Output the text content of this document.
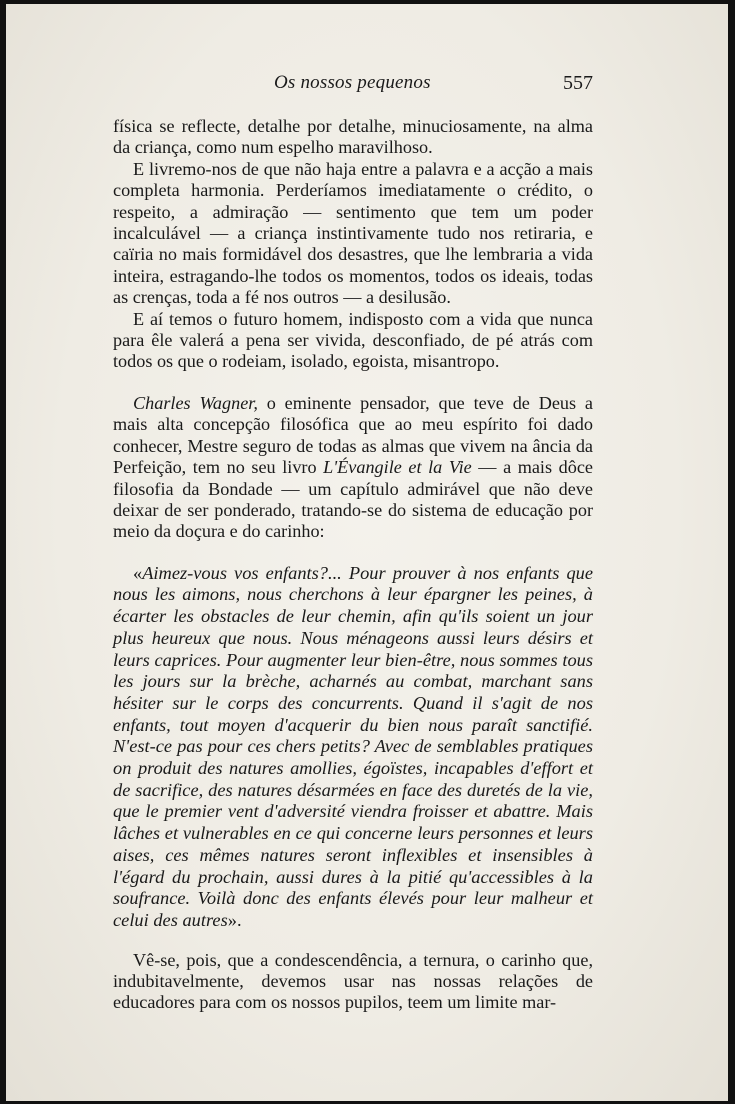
Os nossos pequenos	557

física se reflecte, detalhe por detalhe, minuciosamente, na alma da criança, como num espelho maravilhoso.

E livremo-nos de que não haja entre a palavra e a acção a mais completa harmonia. Perderíamos imediatamente o crédito, o respeito, a admiração — sentimento que tem um poder incalculável — a criança instintivamente tudo nos retiraria, e caïria no mais formidável dos desastres, que lhe lembraria a vida inteira, estragando-lhe todos os momentos, todos os ideais, todas as crenças, toda a fé nos outros — a desilusão.

E aí temos o futuro homem, indisposto com a vida que nunca para êle valerá a pena ser vivida, desconfiado, de pé atrás com todos os que o rodeiam, isolado, egoista, misantropo.

Charles Wagner, o eminente pensador, que teve de Deus a mais alta concepção filosófica que ao meu espírito foi dado conhecer, Mestre seguro de todas as almas que vivem na ância da Perfeição, tem no seu livro L'Évangile et la Vie — a mais dôce filosofia da Bondade — um capítulo admirável que não deve deixar de ser ponderado, tratando-se do sistema de educação por meio da doçura e do carinho:

«Aimez-vous vos enfants?... Pour prouver à nos enfants que nous les aimons, nous cherchons à leur épargner les peines, à écarter les obstacles de leur chemin, afin qu'ils soient un jour plus heureux que nous. Nous ménageons aussi leurs désirs et leurs caprices. Pour augmenter leur bien-être, nous sommes tous les jours sur la brèche, acharnés au combat, marchant sans hésiter sur le corps des concurrents. Quand il s'agit de nos enfants, tout moyen d'acquerir du bien nous paraît sanctifié. N'est-ce pas pour ces chers petits? Avec de semblables pratiques on produit des natures amollies, égoïstes, incapables d'effort et de sacrifice, des natures désarmées en face des duretés de la vie, que le premier vent d'adversité viendra froisser et abattre. Mais lâches et vulnerables en ce qui concerne leurs personnes et leurs aises, ces mêmes natures seront inflexibles et insensibles à l'égard du prochain, aussi dures à la pitié qu'accessibles à la soufrance. Voilà donc des enfants élevés pour leur malheur et celui des autres».

Vê-se, pois, que a condescendência, a ternura, o carinho que, indubitavelmente, devemos usar nas nossas relações de educadores para com os nossos pupilos, teem um limite mar-
